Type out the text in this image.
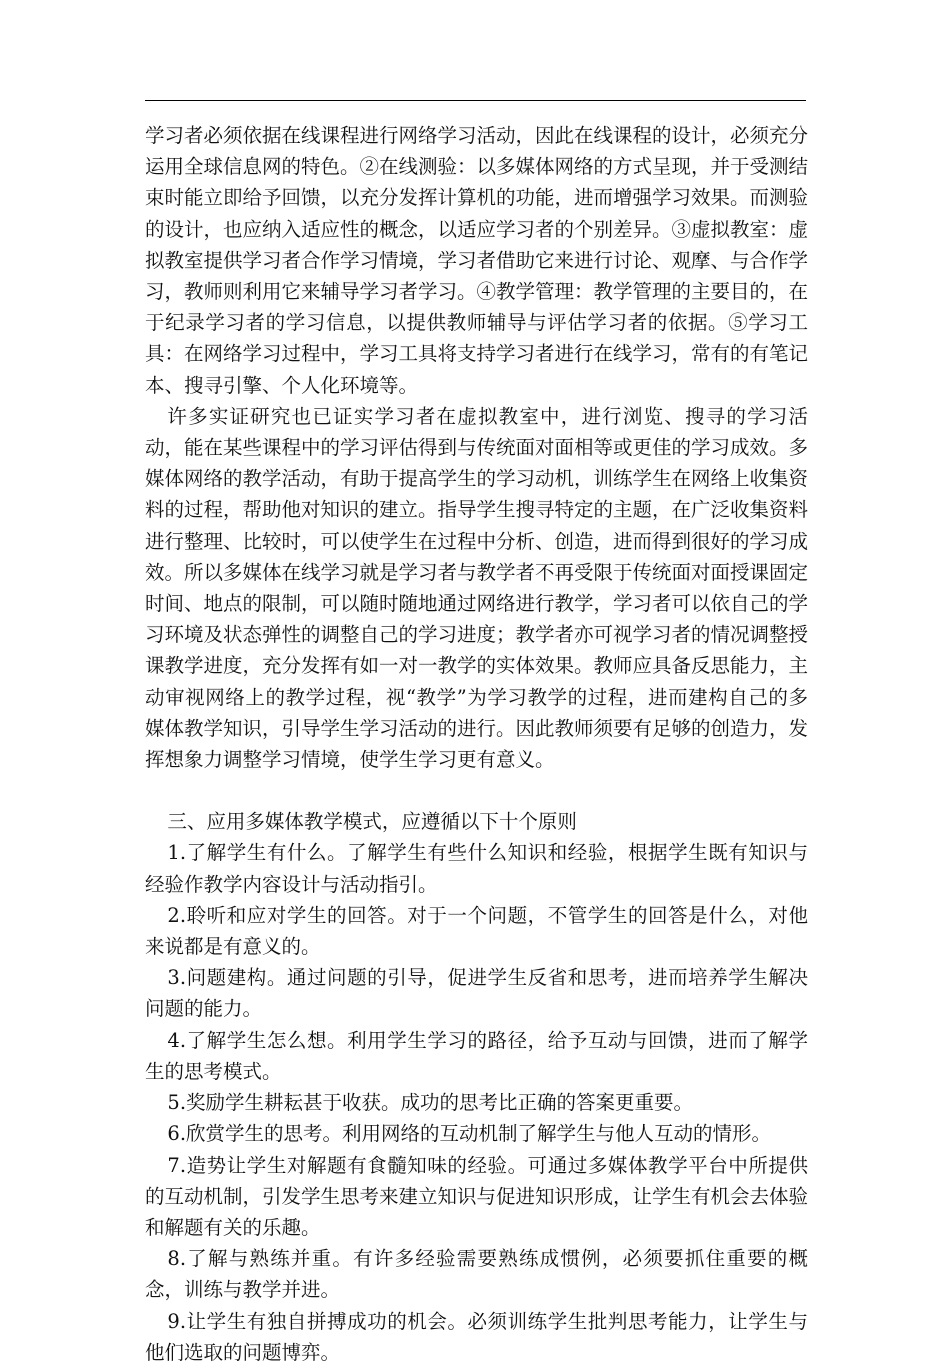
学习者必须依据在线课程进行网络学习活动，因此在线课程的设计，必须充分运用全球信息网的特色。②在线测验：以多媒体网络的方式呈现，并于受测结束时能立即给予回馈，以充分发挥计算机的功能，进而增强学习效果。而测验的设计，也应纳入适应性的概念，以适应学习者的个别差异。③虚拟教室：虚拟教室提供学习者合作学习情境，学习者借助它来进行讨论、观摩、与合作学习，教师则利用它来辅导学习者学习。④教学管理：教学管理的主要目的，在于纪录学习者的学习信息，以提供教师辅导与评估学习者的依据。⑤学习工具：在网络学习过程中，学习工具将支持学习者进行在线学习，常有的有笔记本、搜寻引擎、个人化环境等。

许多实证研究也已证实学习者在虚拟教室中，进行浏览、搜寻的学习活动，能在某些课程中的学习评估得到与传统面对面相等或更佳的学习成效。多媒体网络的教学活动，有助于提高学生的学习动机，训练学生在网络上收集资料的过程，帮助他对知识的建立。指导学生搜寻特定的主题，在广泛收集资料进行整理、比较时，可以使学生在过程中分析、创造，进而得到很好的学习成效。所以多媒体在线学习就是学习者与教学者不再受限于传统面对面授课固定时间、地点的限制，可以随时随地通过网络进行教学，学习者可以依自己的学习环境及状态弹性的调整自己的学习进度；教学者亦可视学习者的情况调整授课教学进度，充分发挥有如一对一教学的实体效果。教师应具备反思能力，主动审视网络上的教学过程，视“教学”为学习教学的过程，进而建构自己的多媒体教学知识，引导学生学习活动的进行。因此教师须要有足够的创造力，发挥想象力调整学习情境，使学生学习更有意义。

三、应用多媒体教学模式，应遵循以下十个原则

1.了解学生有什么。了解学生有些什么知识和经验，根据学生既有知识与经验作教学内容设计与活动指引。

2.聆听和应对学生的回答。对于一个问题，不管学生的回答是什么，对他来说都是有意义的。

3.问题建构。通过问题的引导，促进学生反省和思考，进而培养学生解决问题的能力。

4.了解学生怎么想。利用学生学习的路径，给予互动与回馈，进而了解学生的思考模式。

5.奖励学生耕耘甚于收获。成功的思考比正确的答案更重要。

6.欣赏学生的思考。利用网络的互动机制了解学生与他人互动的情形。

7.造势让学生对解题有食髓知味的经验。可通过多媒体教学平台中所提供的互动机制，引发学生思考来建立知识与促进知识形成，让学生有机会去体验和解题有关的乐趣。

8.了解与熟练并重。有许多经验需要熟练成惯例，必须要抓住重要的概念，训练与教学并进。

9.让学生有独自拼搏成功的机会。必须训练学生批判思考能力，让学生与他们选取的问题博弈。
